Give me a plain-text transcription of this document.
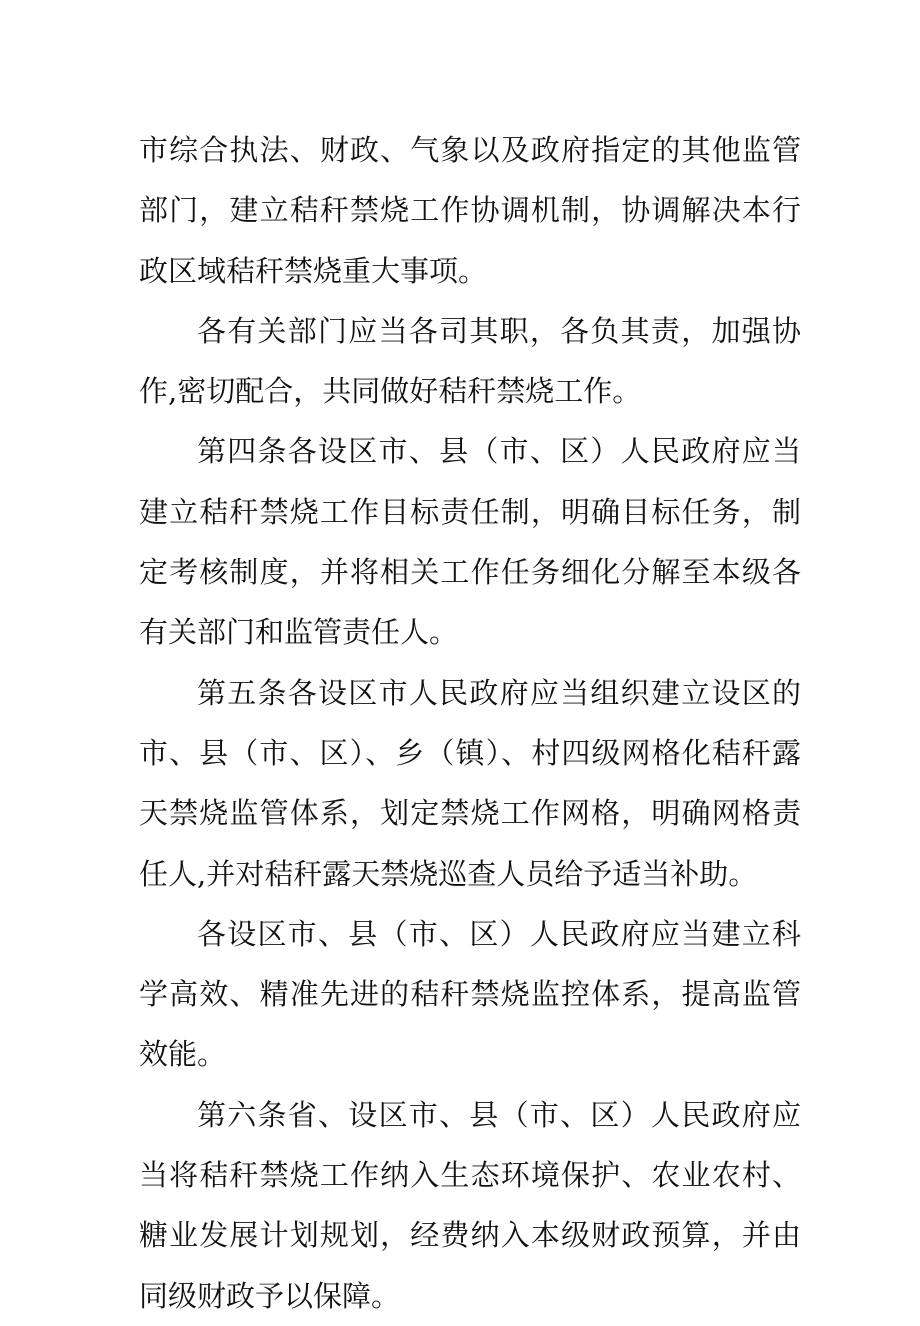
市综合执法、财政、气象以及政府指定的其他监管部门，建立秸秆禁烧工作协调机制，协调解决本行政区域秸秆禁烧重大事项。

各有关部门应当各司其职，各负其责，加强协作,密切配合，共同做好秸秆禁烧工作。

第四条各设区市、县（市、区）人民政府应当建立秸秆禁烧工作目标责任制，明确目标任务，制定考核制度，并将相关工作任务细化分解至本级各有关部门和监管责任人。

第五条各设区市人民政府应当组织建立设区的市、县（市、区）、乡（镇）、村四级网格化秸秆露天禁烧监管体系，划定禁烧工作网格，明确网格责任人,并对秸秆露天禁烧巡查人员给予适当补助。

各设区市、县（市、区）人民政府应当建立科学高效、精准先进的秸秆禁烧监控体系，提高监管效能。

第六条省、设区市、县（市、区）人民政府应当将秸秆禁烧工作纳入生态环境保护、农业农村、糖业发展计划规划，经费纳入本级财政预算，并由同级财政予以保障。
